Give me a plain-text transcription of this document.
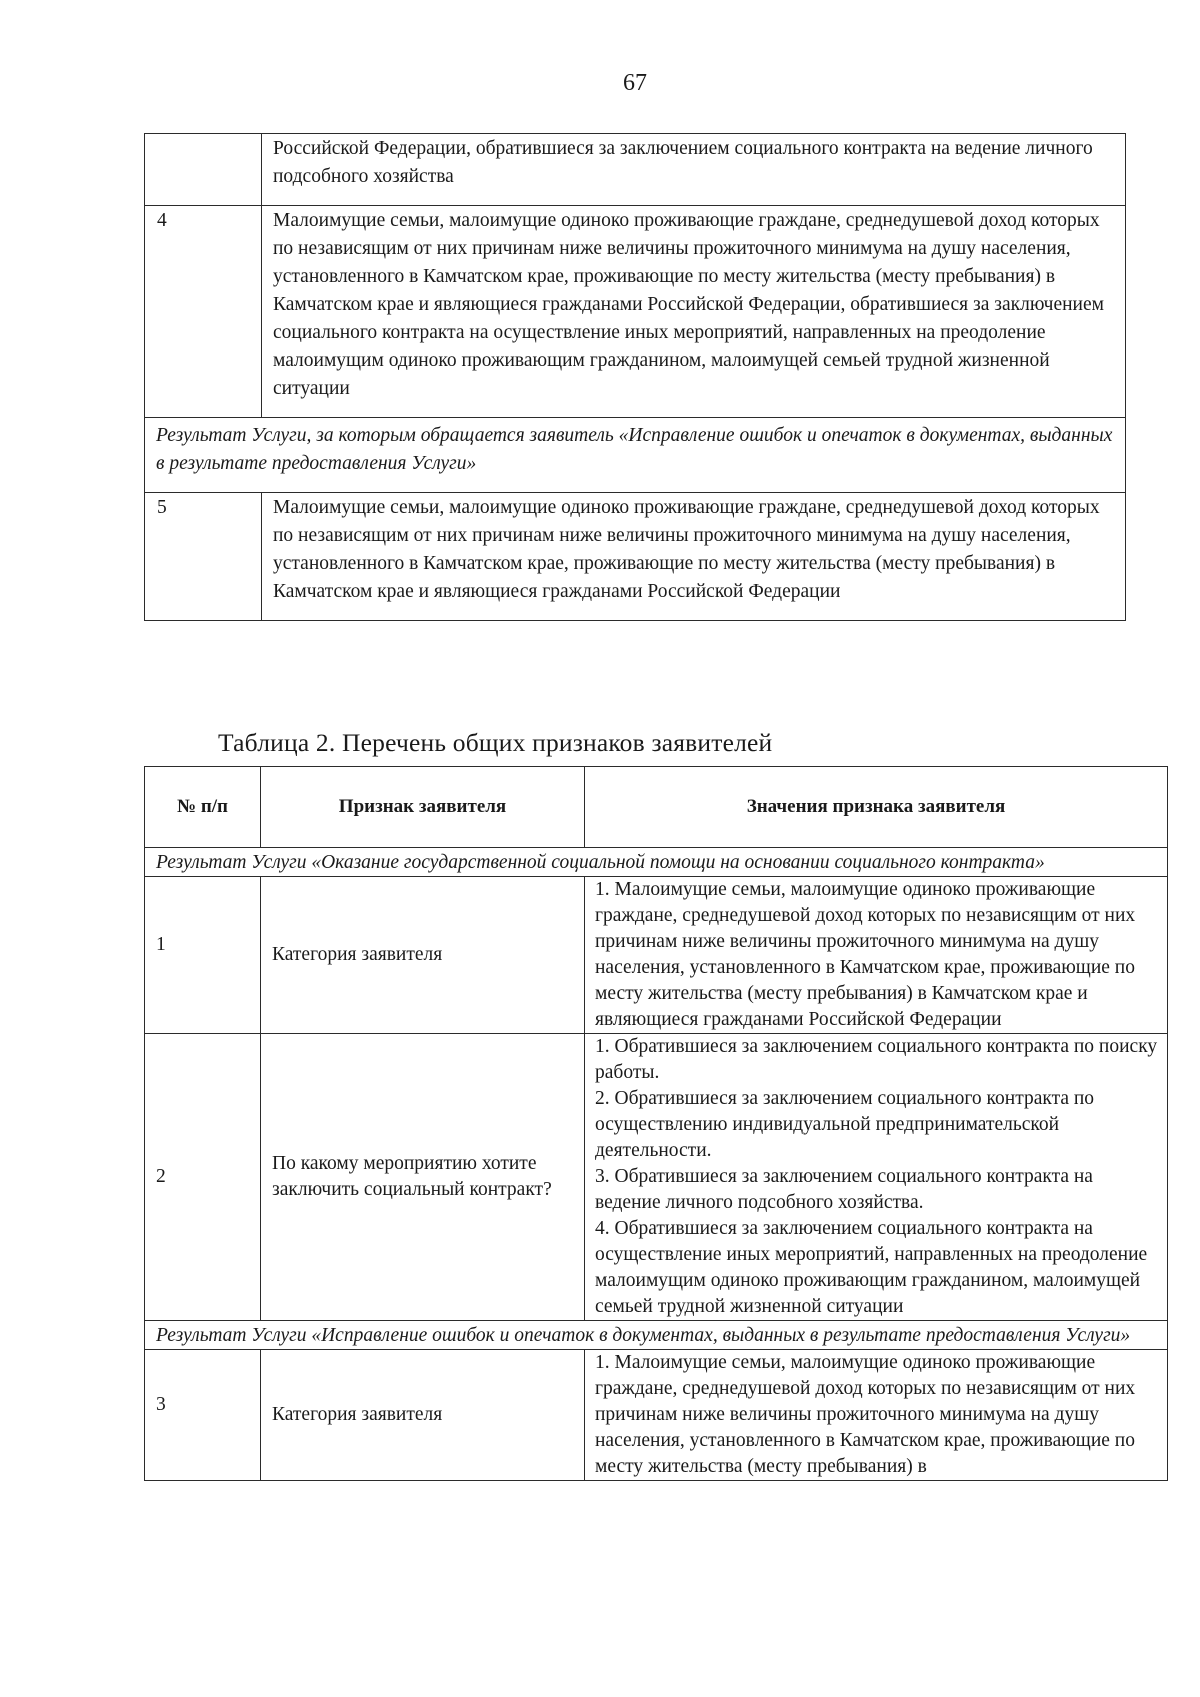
67
	Российской Федерации, обратившиеся за заключением социального контракта на ведение личного подсобного хозяйства
4	Малоимущие семьи, малоимущие одиноко проживающие граждане, среднедушевой доход которых по независящим от них причинам ниже величины прожиточного минимума на душу населения, установленного в Камчатском крае, проживающие по месту жительства (месту пребывания) в Камчатском крае и являющиеся гражданами Российской Федерации, обратившиеся за заключением социального контракта на осуществление иных мероприятий, направленных на преодоление малоимущим одиноко проживающим гражданином, малоимущей семьей трудной жизненной ситуации
Результат Услуги, за которым обращается заявитель «Исправление ошибок и опечаток в документах, выданных в результате предоставления Услуги»	
5	Малоимущие семьи, малоимущие одиноко проживающие граждане, среднедушевой доход которых по независящим от них причинам ниже величины прожиточного минимума на душу населения, установленного в Камчатском крае, проживающие по месту жительства (месту пребывания) в Камчатском крае и являющиеся гражданами Российской Федерации
Таблица 2. Перечень общих признаков заявителей
№ п/п	Признак заявителя	Значения признака заявителя
Результат Услуги «Оказание государственной социальной помощи на основании социального контракта»		
1	Категория заявителя	1. Малоимущие семьи, малоимущие одиноко проживающие граждане, среднедушевой доход которых по независящим от них причинам ниже величины прожиточного минимума на душу населения, установленного в Камчатском крае, проживающие по месту жительства (месту пребывания) в Камчатском крае и являющиеся гражданами Российской Федерации
2	По какому мероприятию хотите заключить социальный контракт?	1. Обратившиеся за заключением социального контракта по поиску работы.
2. Обратившиеся за заключением социального контракта по осуществлению индивидуальной предпринимательской деятельности.
3. Обратившиеся за заключением социального контракта на ведение личного подсобного хозяйства.
4. Обратившиеся за заключением социального контракта на осуществление иных мероприятий, направленных на преодоление малоимущим одиноко проживающим гражданином, малоимущей семьей трудной жизненной ситуации

Результат Услуги «Исправление ошибок и опечаток в документах, выданных в результате предоставления Услуги»		
3	Категория заявителя	1. Малоимущие семьи, малоимущие одиноко проживающие граждане, среднедушевой доход которых по независящим от них причинам ниже величины прожиточного минимума на душу населения, установленного в Камчатском крае, проживающие по месту жительства (месту пребывания) в
